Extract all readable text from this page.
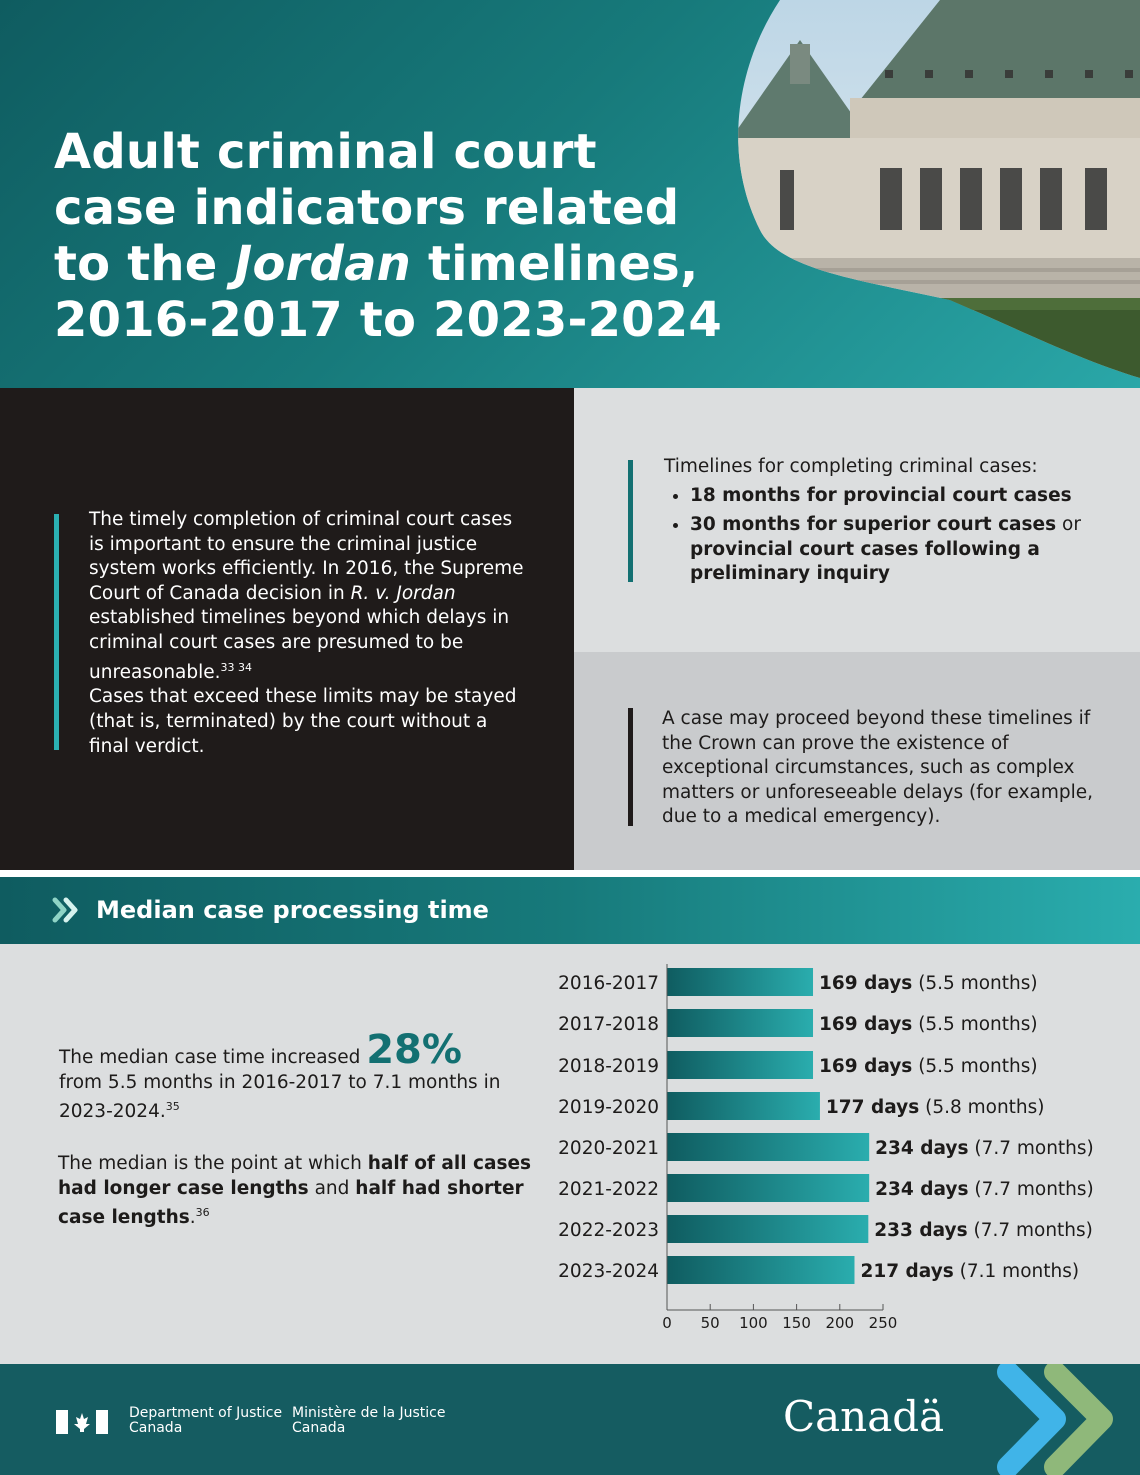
Adult criminal court
case indicators related
to the Jordan timelines,
2016-2017 to 2023-2024
The timely completion of criminal court cases is important to ensure the criminal justice system works efficiently. In 2016, the Supreme Court of Canada decision in R. v. Jordan established timelines beyond which delays in criminal court cases are presumed to be unreasonable.$^{33 34}$
Cases that exceed these limits may be stayed (that is, terminated) by the court without a final verdict.
Timelines for completing criminal cases:
• 18 months for provincial court cases
• 30 months for superior court cases or provincial court cases following a preliminary inquiry
A case may proceed beyond these timelines if the Crown can prove the existence of exceptional circumstances, such as complex matters or unforeseeable delays (for example, due to a medical emergency).
Median case processing time
The median case time increased 28%
from 5.5 months in 2016-2017 to 7.1 months in 2023-2024.35
The median is the point at which half of all cases had longer case lengths and half had shorter case lengths.$^{36}$
2016-2017	169 days (5.5 months)
2017-2018	169 days (5.5 months)
2018-2019	169 days (5.5 months)
2019-2020	177 days (5.8 months)
2020-2021	234 days (7.7 months)
2021-2022	234 days (7.7 months)
2022-2023	233 days (7.7 months)
2023-2024	217 days (7.1 months)
0 50 100 150 200 250
Department of Justice
Canada
Ministère de la Justice
Canada	Canadä
